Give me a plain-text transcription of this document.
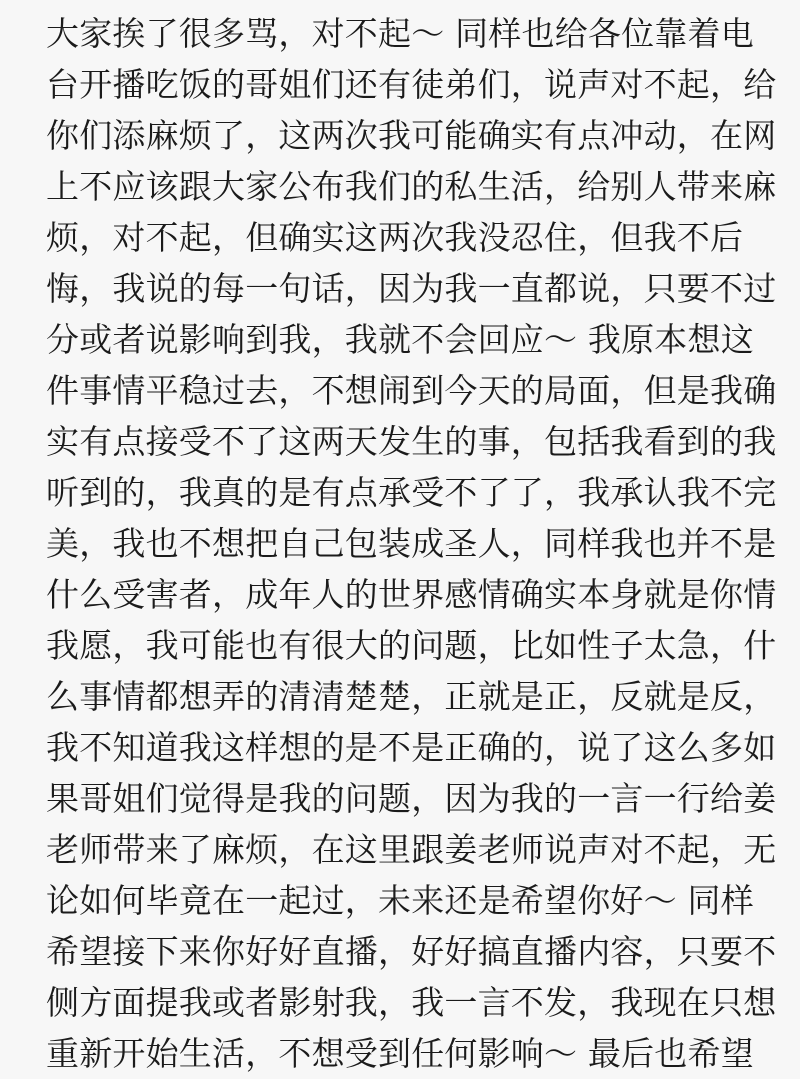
大家挨了很多骂，对不起～ 同样也给各位靠着电
台开播吃饭的哥姐们还有徒弟们，说声对不起，给
你们添麻烦了，这两次我可能确实有点冲动，在网
上不应该跟大家公布我们的私生活，给别人带来麻
烦，对不起，但确实这两次我没忍住，但我不后
悔，我说的每一句话，因为我一直都说，只要不过
分或者说影响到我，我就不会回应～ 我原本想这
件事情平稳过去，不想闹到今天的局面，但是我确
实有点接受不了这两天发生的事，包括我看到的我
听到的，我真的是有点承受不了了，我承认我不完
美，我也不想把自己包装成圣人，同样我也并不是
什么受害者，成年人的世界感情确实本身就是你情
我愿，我可能也有很大的问题，比如性子太急，什
么事情都想弄的清清楚楚，正就是正，反就是反，
我不知道我这样想的是不是正确的，说了这么多如
果哥姐们觉得是我的问题，因为我的一言一行给姜
老师带来了麻烦，在这里跟姜老师说声对不起，无
论如何毕竟在一起过，未来还是希望你好～ 同样
希望接下来你好好直播，好好搞直播内容，只要不
侧方面提我或者影射我，我一言不发，我现在只想
重新开始生活，不想受到任何影响～ 最后也希望
